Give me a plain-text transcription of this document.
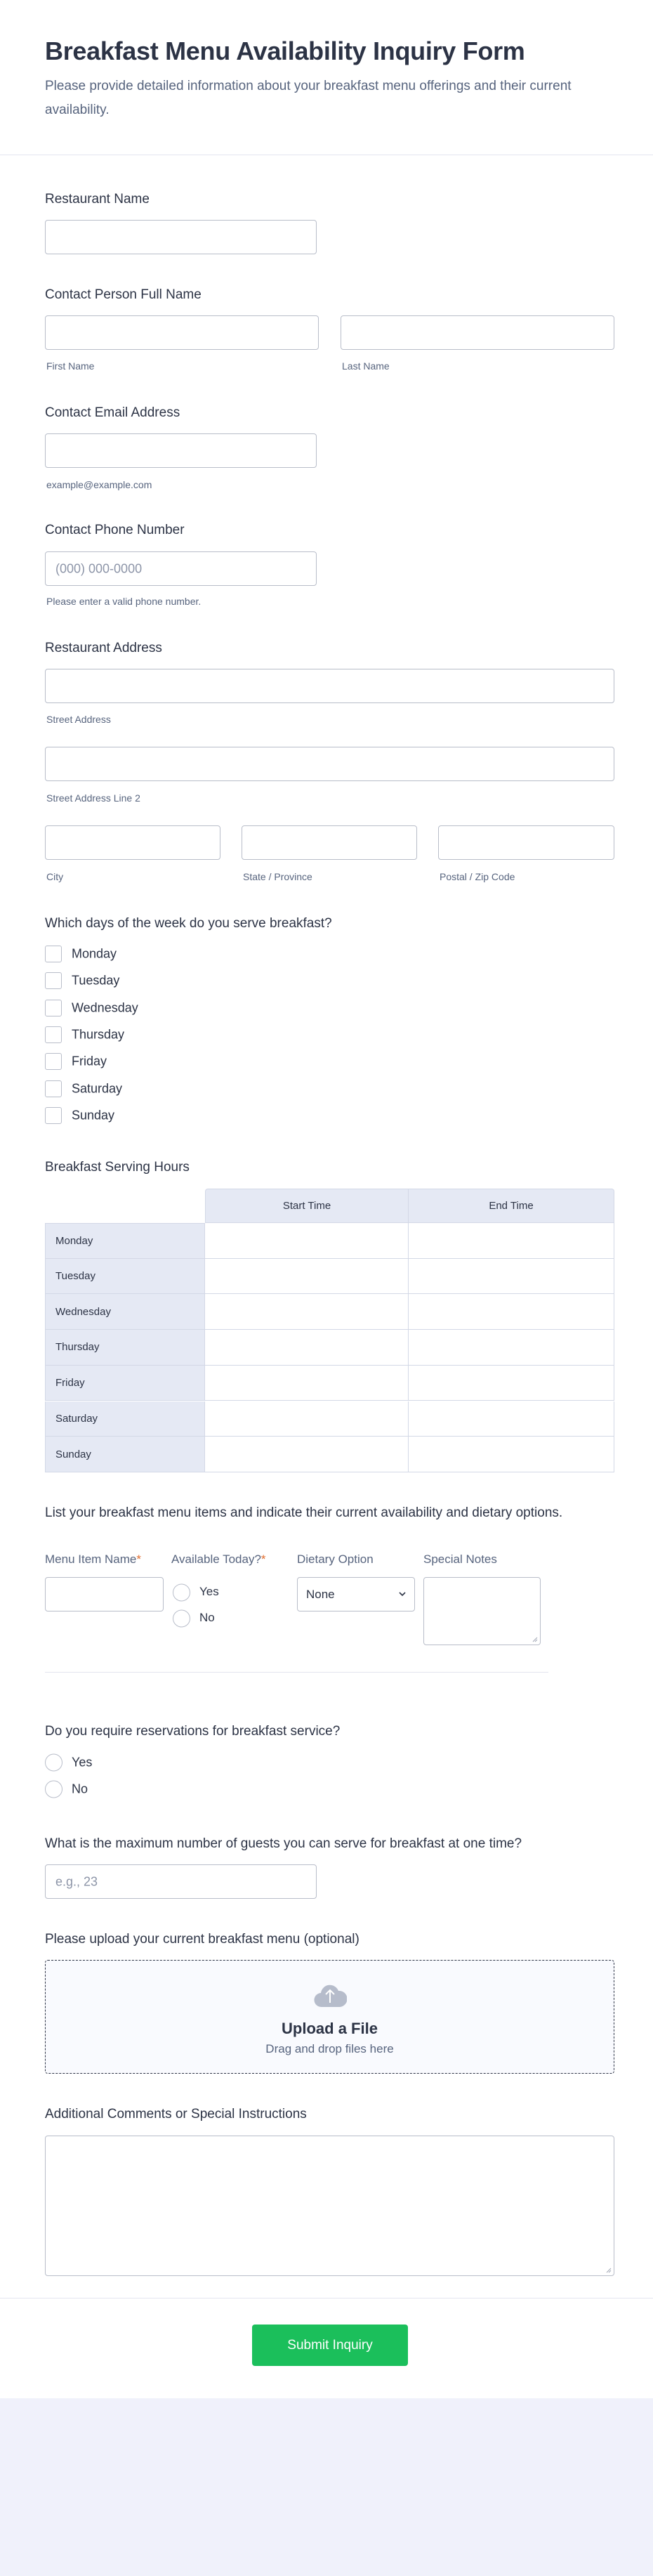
Breakfast Menu Availability Inquiry Form
Please provide detailed information about your breakfast menu offerings and their current availability.
Restaurant Name
Contact Person Full Name
First Name	Last Name
Contact Email Address
example@example.com
Contact Phone Number
(000) 000-0000
Please enter a valid phone number.
Restaurant Address
Street Address
Street Address Line 2
City	State / Province	Postal / Zip Code
Which days of the week do you serve breakfast?
Monday
Tuesday
Wednesday
Thursday
Friday
Saturday
Sunday
Breakfast Serving Hours
Start Time	End Time
Monday
Tuesday
Wednesday
Thursday
Friday
Saturday
Sunday
List your breakfast menu items and indicate their current availability and dietary options.
Menu Item Name*	Available Today?*	Dietary Option	Special Notes
Yes
No
None
Do you require reservations for breakfast service?
Yes
No
What is the maximum number of guests you can serve for breakfast at one time?
e.g., 23
Please upload your current breakfast menu (optional)
Upload a File
Drag and drop files here
Additional Comments or Special Instructions
Submit Inquiry
